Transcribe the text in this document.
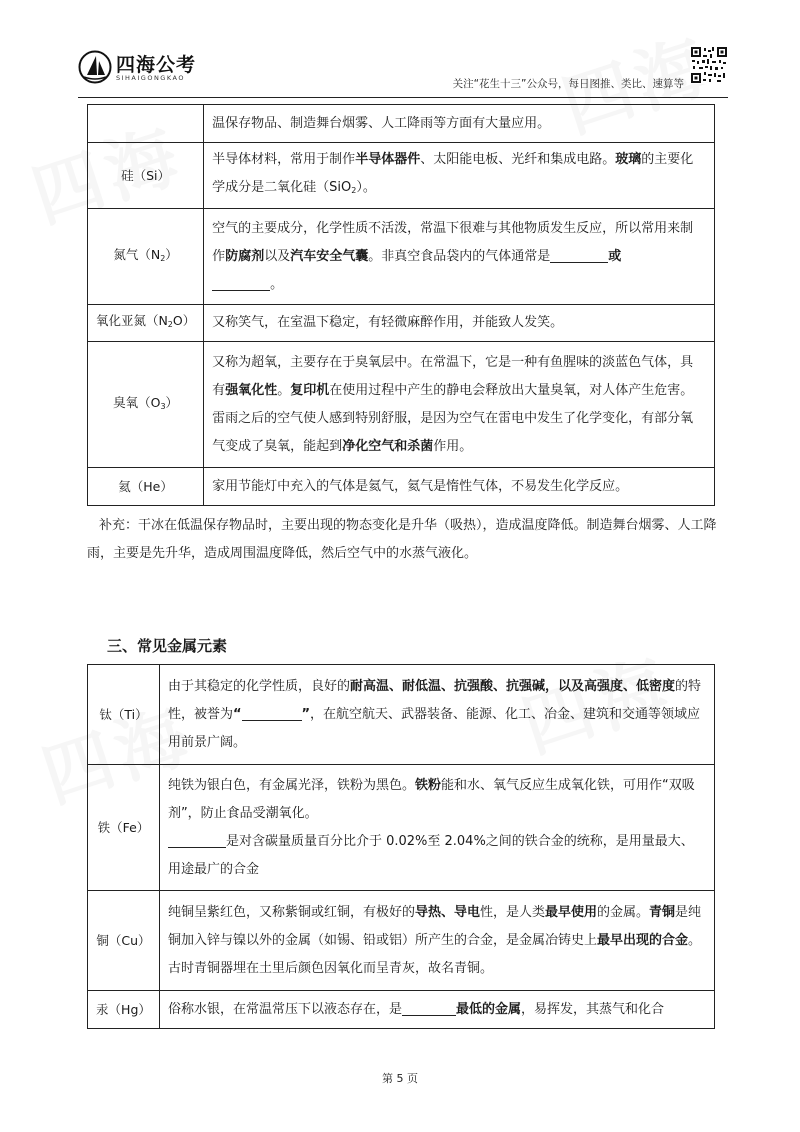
四海公考
SIHAIGONGKAO	关注“花生十三”公众号，每日图推、类比、速算等
	温保存物品、制造舞台烟雾、人工降雨等方面有大量应用。
硅（Si）	半导体材料，常用于制作半导体器件、太阳能电板、光纤和集成电路。玻璃的主要化学成分是二氧化硅（SiO$_2$）。
氮气$(N_2)$	空气的主要成分，化学性质不活泼，常温下很难与其他物质发生反应，所以常用来制作防腐剂以及汽车安全气囊。非真空食品袋内的气体通常是 或
。
氧化亚氮$(N_2O)$	又称笑气，在室温下稳定，有轻微麻醉作用，并能致人发笑。
臭氧$(O_3)$	又称为超氧，主要存在于臭氧层中。在常温下，它是一种有鱼腥味的淡蓝色气体，具有强氧化性。复印机在使用过程中产生的静电会释放出大量臭氧，对人体产生危害。雷雨之后的空气使人感到特别舒服，是因为空气在雷电中发生了化学变化，有部分氧气变成了臭氧，能起到净化空气和杀菌作用。
氦（He）	家用节能灯中充入的气体是氦气，氦气是惰性气体，不易发生化学反应。
补充：干冰在低温保存物品时，主要出现的物态变化是升华（吸热），造成温度降低。制造舞台烟雾、人工降雨，主要是先升华，造成周围温度降低，然后空气中的水蒸气液化。
三、常见金属元素
钛（Ti）	由于其稳定的化学性质，良好的耐高温、耐低温、抗强酸、抗强碱，以及高强度、低密度的特性，被誉为“ ”，在航空航天、武器装备、能源、化工、冶金、建筑和交通等领域应用前景广阔。
铁（Fe）	纯铁为银白色，有金属光泽，铁粉为黑色。铁粉能和水、氧气反应生成氧化铁，可用作“双吸剂”，防止食品受潮氧化。
是对含碳量质量百分比介于 0.02%至 2.04%之间的铁合金的统称，是用量最大、用途最广的合金
铜（Cu）	纯铜呈紫红色，又称紫铜或红铜，有极好的导热、导电性，是人类最早使用的金属。青铜是纯铜加入锌与镍以外的金属（如锡、铅或铝）所产生的合金，是金属冶铸史上最早出现的合金。古时青铜器埋在土里后颜色因氧化而呈青灰，故名青铜。
汞（Hg）	俗称水银，在常温常压下以液态存在，是 最低的金属，易挥发，其蒸气和化合
第 5 页
